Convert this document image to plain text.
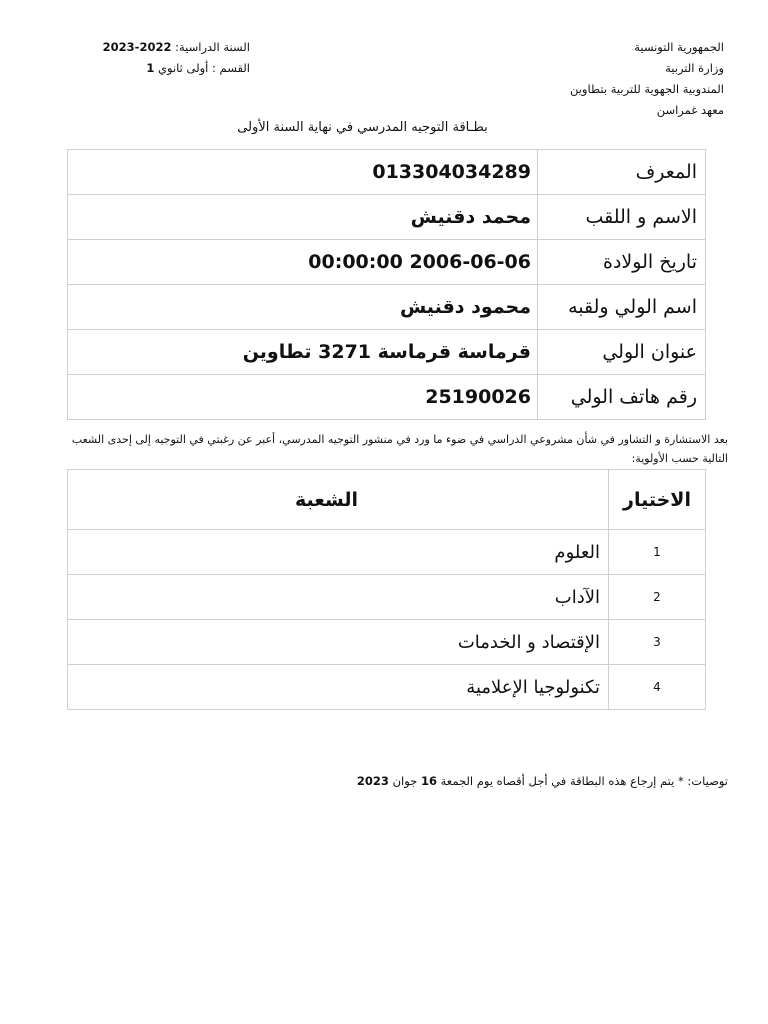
الجمهورية التونسية
وزارة التربية
المندوبية الجهوية للتربية بتطاوين
معهد غمراسن
السنة الدراسية: 2022-2023
القسم : أولى ثانوي 1
بطـاقة التوجيه المدرسي في نهاية السنة الأولى
المعرف	013304034289
الاسم و اللقب	محمد دقنيش
تاريخ الولادة	2006-06-06 00:00:00
اسم الولي ولقبه	محمود دقنيش
عنوان الولي	قرماسة قرماسة 3271 تطاوين
رقم هاتف الولي	25190026
بعد الاستشارة و التشاور في شأن مشروعي الدراسي في ضوء ما ورد في منشور التوجيه المدرسي، أعبر عن رغبتي في التوجيه إلى إحدى الشعب التالية حسب الأولوية:
الاختيار	الشعبة
1	العلوم
2	الآداب
3	الإقتصاد و الخدمات
4	تكنولوجيا الإعلامية
توصيات: * يتم إرجاع هذه البطاقة في أجل أقصاه يوم الجمعة 16 جوان 2023
